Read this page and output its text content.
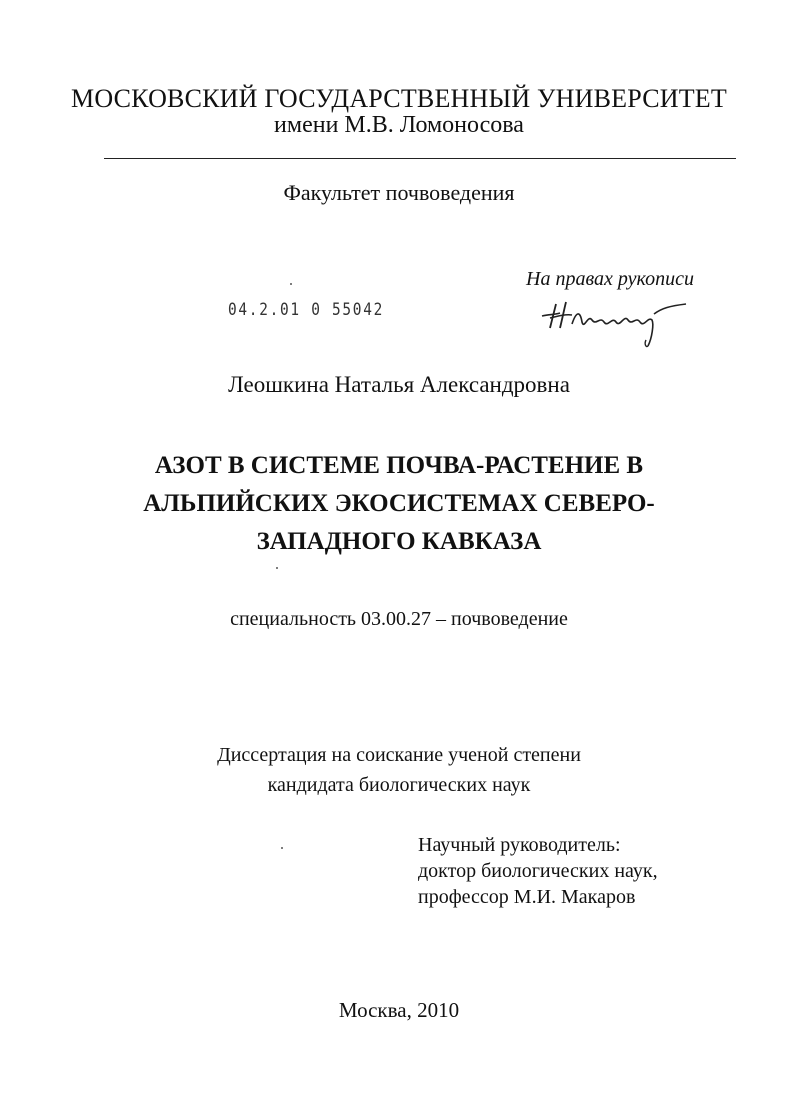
МОСКОВСКИЙ ГОСУДАРСТВЕННЫЙ УНИВЕРСИТЕТ
имени М.В. Ломоносова
Факультет почвоведения
На правах рукописи
04.2.01 0 55042
Леошкина Наталья Александровна
АЗОТ В СИСТЕМЕ ПОЧВА-РАСТЕНИЕ В
АЛЬПИЙСКИХ ЭКОСИСТЕМАХ СЕВЕРО-
ЗАПАДНОГО КАВКАЗА
специальность 03.00.27 – почвоведение
Диссертация на соискание ученой степени
кандидата биологических наук
Научный руководитель:
доктор биологических наук,
профессор М.И. Макаров
Москва, 2010
